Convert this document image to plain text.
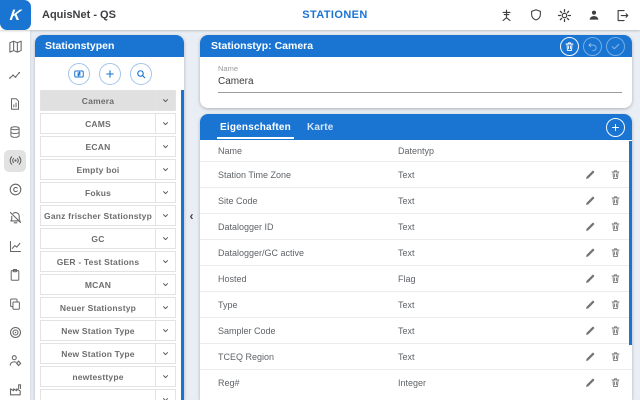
K AquisNet - QS	STATIONEN
Stationstypen
Camera
CAMS
ECAN
Empty boi
Fokus
Ganz frischer Stationstyp
GC
GER - Test Stations
MCAN
Neuer Stationstyp
New Station Type
New Station Type
newtesttype
‹
Stationstyp: Camera
Name
Camera
Eigenschaften Karte
Name	Datentyp
Station Time Zone	Text
Site Code	Text
Datalogger ID	Text
Datalogger/GC active	Text
Hosted	Flag
Type	Text
Sampler Code	Text
TCEQ Region	Text
Reg#	Integer
